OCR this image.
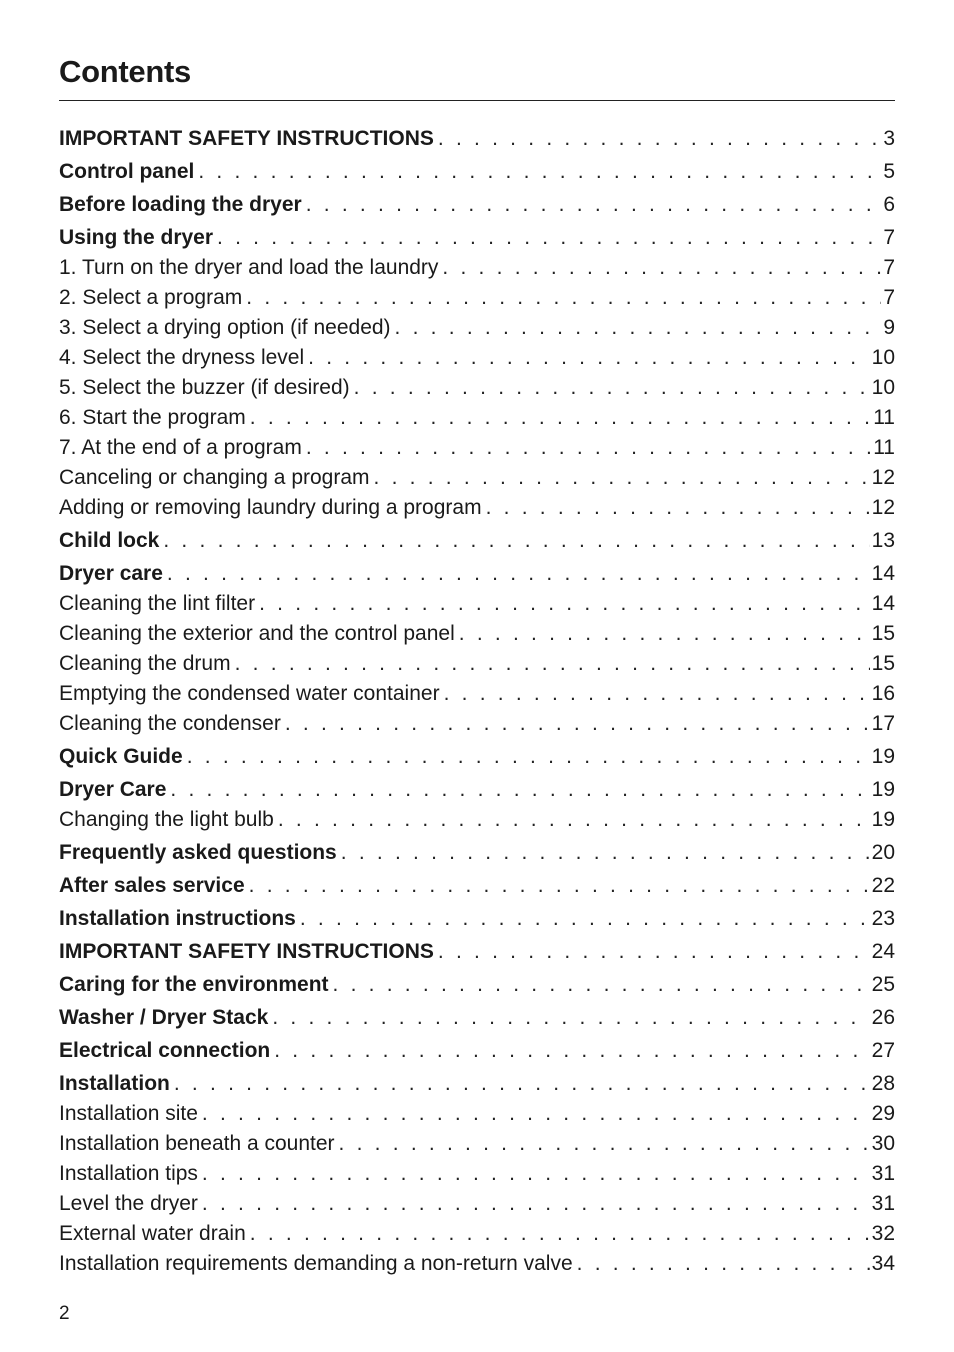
Contents
IMPORTANT SAFETY INSTRUCTIONS . . .	3
Control panel . . .	5
Before loading the dryer . . .	6
Using the dryer . . .	7
1. Turn on the dryer and load the laundry . . .	7
2. Select a program . . .	7
3. Select a drying option (if needed) . . .	9
4. Select the dryness level . . .	10
5. Select the buzzer (if desired) . . .	10
6. Start the program . . .	11
7. At the end of a program . . .	11
Canceling or changing a program . . .	12
Adding or removing laundry during a program . . .	12
Child lock . . .	13
Dryer care . . .	14
Cleaning the lint filter . . .	14
Cleaning the exterior and the control panel . . .	15
Cleaning the drum . . .	15
Emptying the condensed water container . . .	16
Cleaning the condenser . . .	17
Quick Guide . . .	19
Dryer Care . . .	19
Changing the light bulb . . .	19
Frequently asked questions . . .	20
After sales service . . .	22
Installation instructions . . .	23
IMPORTANT SAFETY INSTRUCTIONS . . .	24
Caring for the environment . . .	25
Washer / Dryer Stack . . .	26
Electrical connection . . .	27
Installation . . .	28
Installation site . . .	29
Installation beneath a counter . . .	30
Installation tips . . .	31
Level the dryer . . .	31
External water drain . . .	32
Installation requirements demanding a non-return valve . . .	34
2
